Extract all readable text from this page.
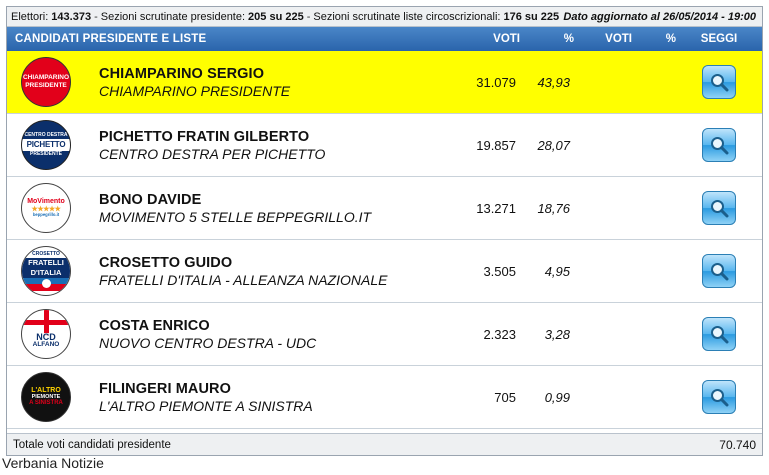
Elettori: 143.373 - Sezioni scrutinate presidente: 205 su 225 - Sezioni scrutinate liste circoscrizionali: 176 su 225 Dato aggiornato al 26/05/2014 - 19:00
CANDIDATI PRESIDENTE E LISTE	VOTI	%	VOTI	%	SEGGI
CHIAMPARINO
PRESIDENTE
CHIAMPARINO SERGIO
CHIAMPARINO PRESIDENTE
31.079	43,93
CENTRO DESTRA
PICHETTO
PRESIDENTE
PICHETTO FRATIN GILBERTO
CENTRO DESTRA PER PICHETTO
19.857	28,07
MoVimento
★★★★★
beppegrillo.it
BONO DAVIDE
MOVIMENTO 5 STELLE BEPPEGRILLO.IT
13.271	18,76
CROSETTO
FRATELLI
D'ITALIA
CROSETTO GUIDO
FRATELLI D'ITALIA - ALLEANZA NAZIONALE
3.505	4,95
NCD
ALFANO
COSTA ENRICO
NUOVO CENTRO DESTRA - UDC
2.323	3,28
L'ALTRO
PIEMONTE
A SINISTRA
FILINGERI MAURO
L'ALTRO PIEMONTE A SINISTRA
705	0,99
Totale voti candidati presidente	70.740
Verbania Notizie
